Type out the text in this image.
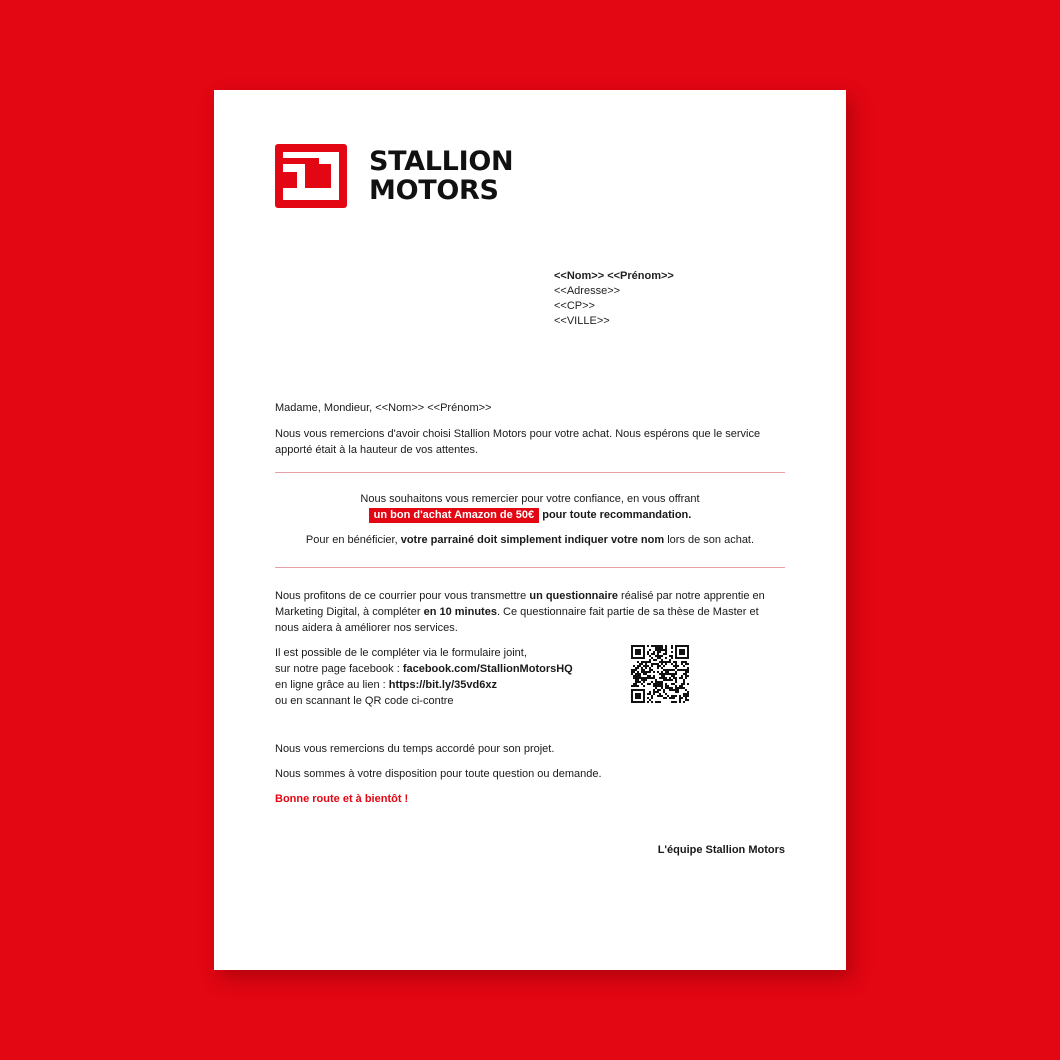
STALLION
MOTORS
<<Nom>> <<Prénom>>
<<Adresse>>
<<CP>>
<<VILLE>>
Madame, Mondieur, <<Nom>> <<Prénom>>
Nous vous remercions d'avoir choisi Stallion Motors pour votre achat. Nous espérons que le service apporté était à la hauteur de vos attentes.
Nous souhaitons vous remercier pour votre confiance, en vous offrant
un bon d'achat Amazon de 50€ pour toute recommandation.
Pour en bénéficier, votre parrainé doit simplement indiquer votre nom lors de son achat.
Nous profitons de ce courrier pour vous transmettre un questionnaire réalisé par notre apprentie en Marketing Digital, à compléter en 10 minutes. Ce questionnaire fait partie de sa thèse de Master et nous aidera à améliorer nos services.
Il est possible de le compléter via le formulaire joint,
sur notre page facebook : facebook.com/StallionMotorsHQ
en ligne grâce au lien : https://bit.ly/35vd6xz
ou en scannant le QR code ci-contre
Nous vous remercions du temps accordé pour son projet.
Nous sommes à votre disposition pour toute question ou demande.
Bonne route et à bientôt !
L'équipe Stallion Motors
